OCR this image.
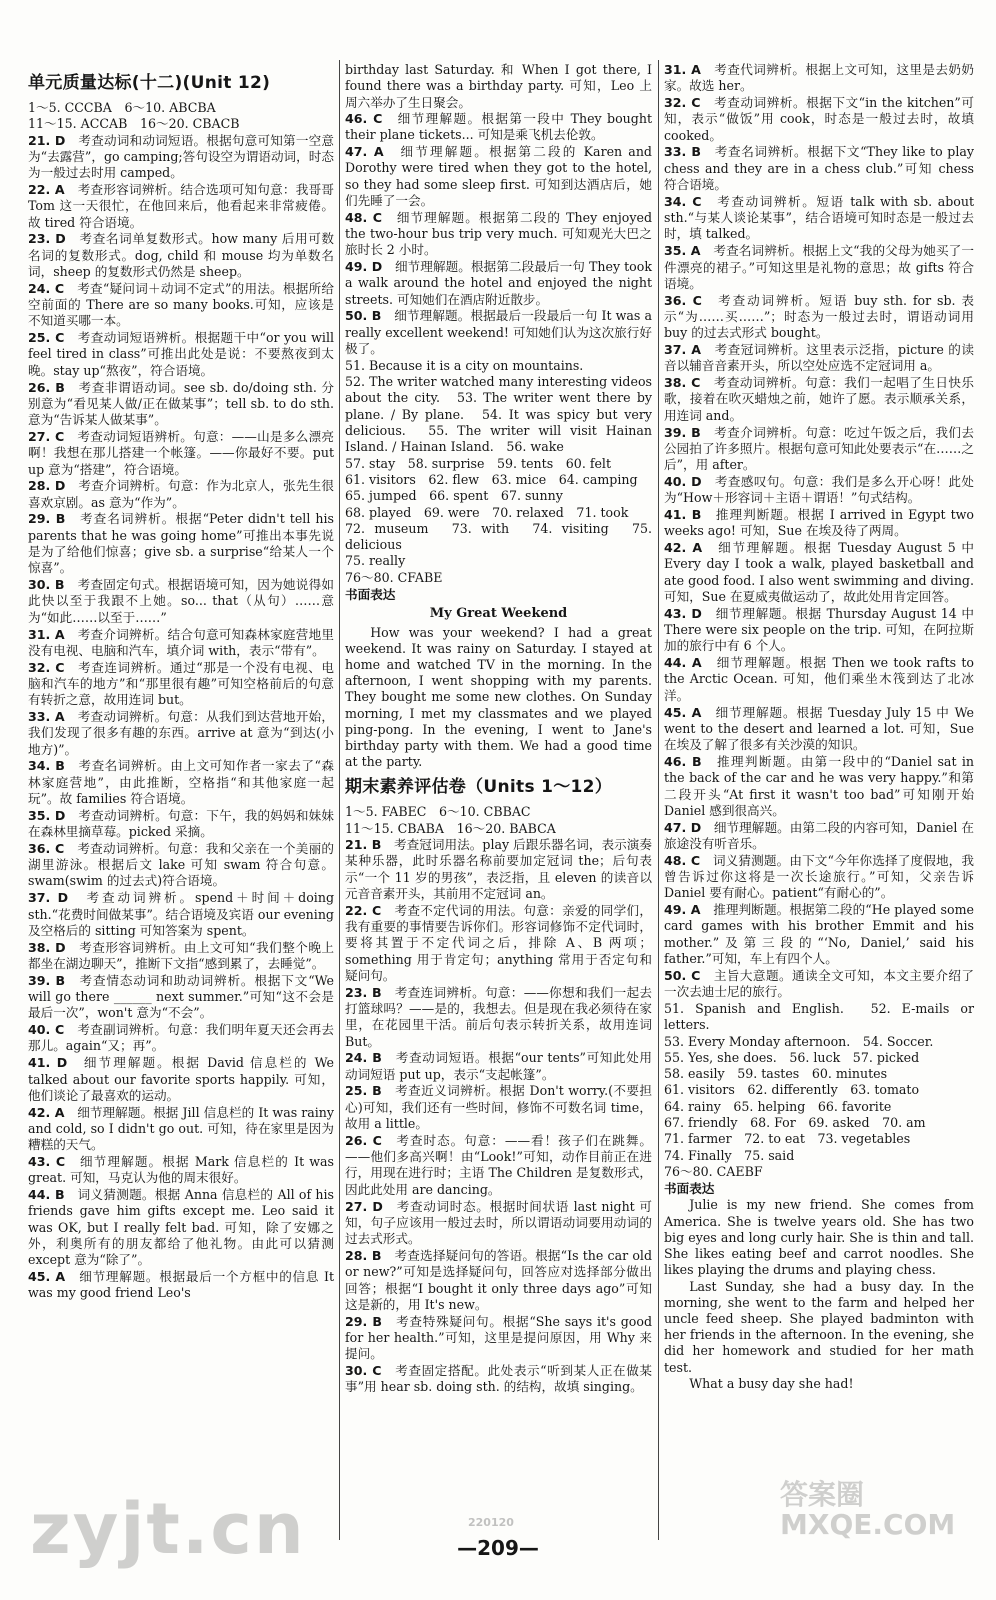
单元质量达标(十二)(Unit 12)

1～5. CCCBA　6～10. ABCBA

11～15. ACCAB　16～20. CBACB

21. D　 考查动词和动词短语。根据句意可知第一空意为“去露营”，go camping;答句设空为谓语动词，时态为一般过去时用 camped。

22. A　 考查形容词辨析。结合选项可知句意：我哥哥 Tom 这一天很忙，在他回来后，他看起来非常疲倦。故 tired 符合语境。

23. D　 考查名词单复数形式。how many 后用可数名词的复数形式。dog, child 和 mouse 均为单数名词，sheep 的复数形式仍然是 sheep。

24. C　 考查“疑问词＋动词不定式”的用法。根据所给空前面的 There are so many books.可知，应该是不知道买哪一本。

25. C　 考查动词短语辨析。根据题干中“or you will feel tired in class”可推出此处是说：不要熬夜到太晚。stay up“熬夜”，符合语境。

26. B　 考查非谓语动词。see sb. do/doing sth. 分别意为“看见某人做/正在做某事”；tell sb. to do sth. 意为“告诉某人做某事”。

27. C　 考查动词短语辨析。句意：——山是多么漂亮啊！我想在那儿搭建一个帐篷。——你最好不要。put up 意为“搭建”，符合语境。

28. D　 考查介词辨析。句意：作为北京人，张先生很喜欢京剧。as 意为“作为”。

29. B　 考查名词辨析。根据“Peter didn't tell his parents that he was going home”可推出本事先说是为了给他们惊喜；give sb. a surprise“给某人一个惊喜”。

30. B　 考查固定句式。根据语境可知，因为她说得如此快以至于我跟不上她。so... that（从句）……意为“如此……以至于……”

31. A　 考查介词辨析。结合句意可知森林家庭营地里没有电视、电脑和汽车，填介词 with，表示“带有”。

32. C　 考查连词辨析。通过“那是一个没有电视、电脑和汽车的地方”和“那里很有趣”可知空格前后的句意有转折之意，故用连词 but。

33. A　 考查动词辨析。句意：从我们到达营地开始，我们发现了很多有趣的东西。arrive at 意为“到达(小地方)”。

34. B　 考查名词辨析。由上文可知作者一家去了“森林家庭营地”，由此推断，空格指“和其他家庭一起玩”。故 families 符合语境。

35. D　 考查动词辨析。句意：下午，我的妈妈和妹妹在森林里摘草莓。picked 采摘。

36. C　 考查动词辨析。句意：我和父亲在一个美丽的湖里游泳。根据后文 lake 可知 swam 符合句意。swam(swim 的过去式)符合语境。

37. D　 考查动词辨析。spend＋时间＋doing sth.“花费时间做某事”。结合语境及宾语 our evening 及空格后的 sitting 可知答案为 spent。

38. D　 考查形容词辨析。由上文可知“我们整个晚上都坐在湖边聊天”，推断下文指“感到累了，去睡觉”。

39. B　 考查情态动词和助动词辨析。根据下文“We will go there ______ next summer.”可知“这不会是最后一次”，won't 意为“不会”。

40. C　 考查副词辨析。句意：我们明年夏天还会再去那儿。again“又；再”。

41. D　 细节理解题。根据 David 信息栏的 We talked about our favorite sports happily. 可知，他们谈论了最喜欢的运动。

42. A　 细节理解题。根据 Jill 信息栏的 It was rainy and cold, so I didn't go out. 可知，待在家里是因为糟糕的天气。

43. C　 细节理解题。根据 Mark 信息栏的 It was great. 可知，马克认为他的周末很好。

44. B　 词义猜测题。根据 Anna 信息栏的 All of his friends gave him gifts except me. Leo said it was OK, but I really felt bad. 可知，除了安娜之外，利奥所有的朋友都给了他礼物。由此可以猜测 except 意为“除了”。

45. A　 细节理解题。根据最后一个方框中的信息 It was my good friend Leo's

birthday last Saturday. 和 When I got there, I found there was a birthday party. 可知，Leo 上周六举办了生日聚会。

46. C　 细节理解题。根据第一段中 They bought their plane tickets... 可知是乘飞机去伦敦。

47. A　 细节理解题。根据第二段的 Karen and Dorothy were tired when they got to the hotel, so they had some sleep first. 可知到达酒店后，她们先睡了一会。

48. C　 细节理解题。根据第二段的 They enjoyed the two-hour bus trip very much. 可知观光大巴之旅时长 2 小时。

49. D　 细节理解题。根据第二段最后一句 They took a walk around the hotel and enjoyed the night streets. 可知她们在酒店附近散步。

50. B　 细节理解题。根据最后一段最后一句 It was a really excellent weekend! 可知她们认为这次旅行好极了。

51. Because it is a city on mountains.

52. The writer watched many interesting videos about the city.　53. The writer went there by plane. / By plane.　54. It was spicy but very delicious.　55. The writer will visit Hainan Island. / Hainan Island.　56. wake

57. stay　58. surprise　59. tents　60. felt

61. visitors　62. flew　63. mice　64. camping

65. jumped　66. spent　67. sunny

68. played　69. were　70. relaxed　71. took

72. museum　73. with　74. visiting　75. delicious

75. really

76～80. CFABE

书面表达
My Great Weekend

How was your weekend? I had a great weekend. It was rainy on Saturday. I stayed at home and watched TV in the morning. In the afternoon, I went shopping with my parents. They bought me some new clothes. On Sunday morning, I met my classmates and we played ping-pong. In the evening, I went to Jane's birthday party with them. We had a good time at the party.

期末素养评估卷（Units 1～12）

1～5. FABEC　6～10. CBBAC

11～15. CBABA　16～20. BABCA

21. B　 考查冠词用法。play 后跟乐器名词，表示演奏某种乐器，此时乐器名称前要加定冠词 the；后句表示“一个 11 岁的男孩”，表泛指，且 eleven 的读音以元音音素开头，其前用不定冠词 an。

22. C　 考查不定代词的用法。句意：亲爱的同学们，我有重要的事情要告诉你们。形容词修饰不定代词时，要将其置于不定代词之后，排除 A、B 两项；something 用于肯定句；anything 常用于否定句和疑问句。

23. B　 考查连词辨析。句意：——你想和我们一起去打篮球吗？——是的，我想去。但是现在我必须待在家里，在花园里干活。前后句表示转折关系，故用连词 But。

24. B　 考查动词短语。根据“our tents”可知此处用动词短语 put up，表示“支起帐篷”。

25. B　 考查近义词辨析。根据 Don't worry.(不要担心)可知，我们还有一些时间，修饰不可数名词 time，故用 a little。

26. C　 考查时态。句意：——看！孩子们在跳舞。——他们多高兴啊！由“Look!”可知，动作目前正在进行，用现在进行时；主语 The Children 是复数形式，因此此处用 are dancing。

27. D　 考查动词时态。根据时间状语 last night 可知，句子应该用一般过去时，所以谓语动词要用动词的过去式形式。

28. B　 考查选择疑问句的答语。根据“Is the car old or new?”可知是选择疑问句，回答应对选择部分做出回答；根据“I bought it only three days ago”可知这是新的，用 It's new。

29. B　 考查特殊疑问句。根据“She says it's good for her health.”可知，这里是提问原因，用 Why 来提问。

30. C　 考查固定搭配。此处表示“听到某人正在做某事”用 hear sb. doing sth. 的结构，故填 singing。

31. A　 考查代词辨析。根据上文可知，这里是去奶奶家。故选 her。

32. C　 考查动词辨析。根据下文“in the kitchen”可知，表示“做饭”用 cook，时态是一般过去时，故填 cooked。

33. B　 考查名词辨析。根据下文“They like to play chess and they are in a chess club.”可知 chess 符合语境。

34. C　 考查动词辨析。短语 talk with sb. about sth.“与某人谈论某事”，结合语境可知时态是一般过去时，填 talked。

35. A　 考查名词辨析。根据上文“我的父母为她买了一件漂亮的裙子。”可知这里是礼物的意思；故 gifts 符合语境。

36. C　 考查动词辨析。短语 buy sth. for sb. 表示“为……买……”；时态为一般过去时，谓语动词用 buy 的过去式形式 bought。

37. A　 考查冠词辨析。这里表示泛指，picture 的读音以辅音音素开头，所以空处应选不定冠词用 a。

38. C　 考查动词辨析。句意：我们一起唱了生日快乐歌，接着在吹灭蜡烛之前，她许了愿。表示顺承关系，用连词 and。

39. B　 考查介词辨析。句意：吃过午饭之后，我们去公园拍了许多照片。根据句意可知此处要表示“在……之后”，用 after。

40. D　 考查感叹句。句意：我们是多么开心呀！此处为“How＋形容词＋主语＋谓语！”句式结构。

41. B　 推理判断题。根据 I arrived in Egypt two weeks ago! 可知，Sue 在埃及待了两周。

42. A　 细节理解题。根据 Tuesday August 5 中 Every day I took a walk, played basketball and ate good food. I also went swimming and diving. 可知，Sue 在夏威夷做运动了，故此处用肯定回答。

43. D　 细节理解题。根据 Thursday August 14 中 There were six people on the trip. 可知，在阿拉斯加的旅行中有 6 个人。

44. A　 细节理解题。根据 Then we took rafts to the Arctic Ocean. 可知，他们乘坐木筏到达了北冰洋。

45. A　 细节理解题。根据 Tuesday July 15 中 We went to the desert and learned a lot. 可知，Sue 在埃及了解了很多有关沙漠的知识。

46. B　 推理判断题。由第一段中的“Daniel sat in the back of the car and he was very happy.”和第二段开头“At first it wasn't too bad”可知刚开始 Daniel 感到很高兴。

47. D　 细节理解题。由第二段的内容可知，Daniel 在旅途没有听音乐。

48. C　 词义猜测题。由下文“今年你选择了度假地，我曾告诉过你这将是一次长途旅行。”可知，父亲告诉 Daniel 要有耐心。patient“有耐心的”。

49. A　 推理判断题。根据第二段的“He played some card games with his brother Emmit and his mother.”及第三段的“‘No, Daniel,’ said his father.”可知，车上有四个人。

50. C　 主旨大意题。通读全文可知，本文主要介绍了一次去迪士尼的旅行。

51. Spanish and English.　52. E-mails or letters.

53. Every Monday afternoon.　54. Soccer.

55. Yes, she does.　56. luck　57. picked

58. easily　59. tastes　60. minutes

61. visitors　62. differently　63. tomato

64. rainy　65. helping　66. favorite

67. friendly　68. For　69. asked　70. am

71. farmer　72. to eat　73. vegetables

74. Finally　75. said

76～80. CAEBF

书面表达

Julie is my new friend. She comes from America. She is twelve years old. She has two big eyes and long curly hair. She is thin and tall. She likes eating beef and carrot noodles. She likes playing the drums and playing chess.

Last Sunday, she had a busy day. In the morning, she went to the farm and helped her uncle feed sheep. She played badminton with her friends in the afternoon. In the evening, she did her homework and studied for her math test.

What a busy day she had!

zyjt.cn	220120
答案圈 MXQE.COM
—209—
